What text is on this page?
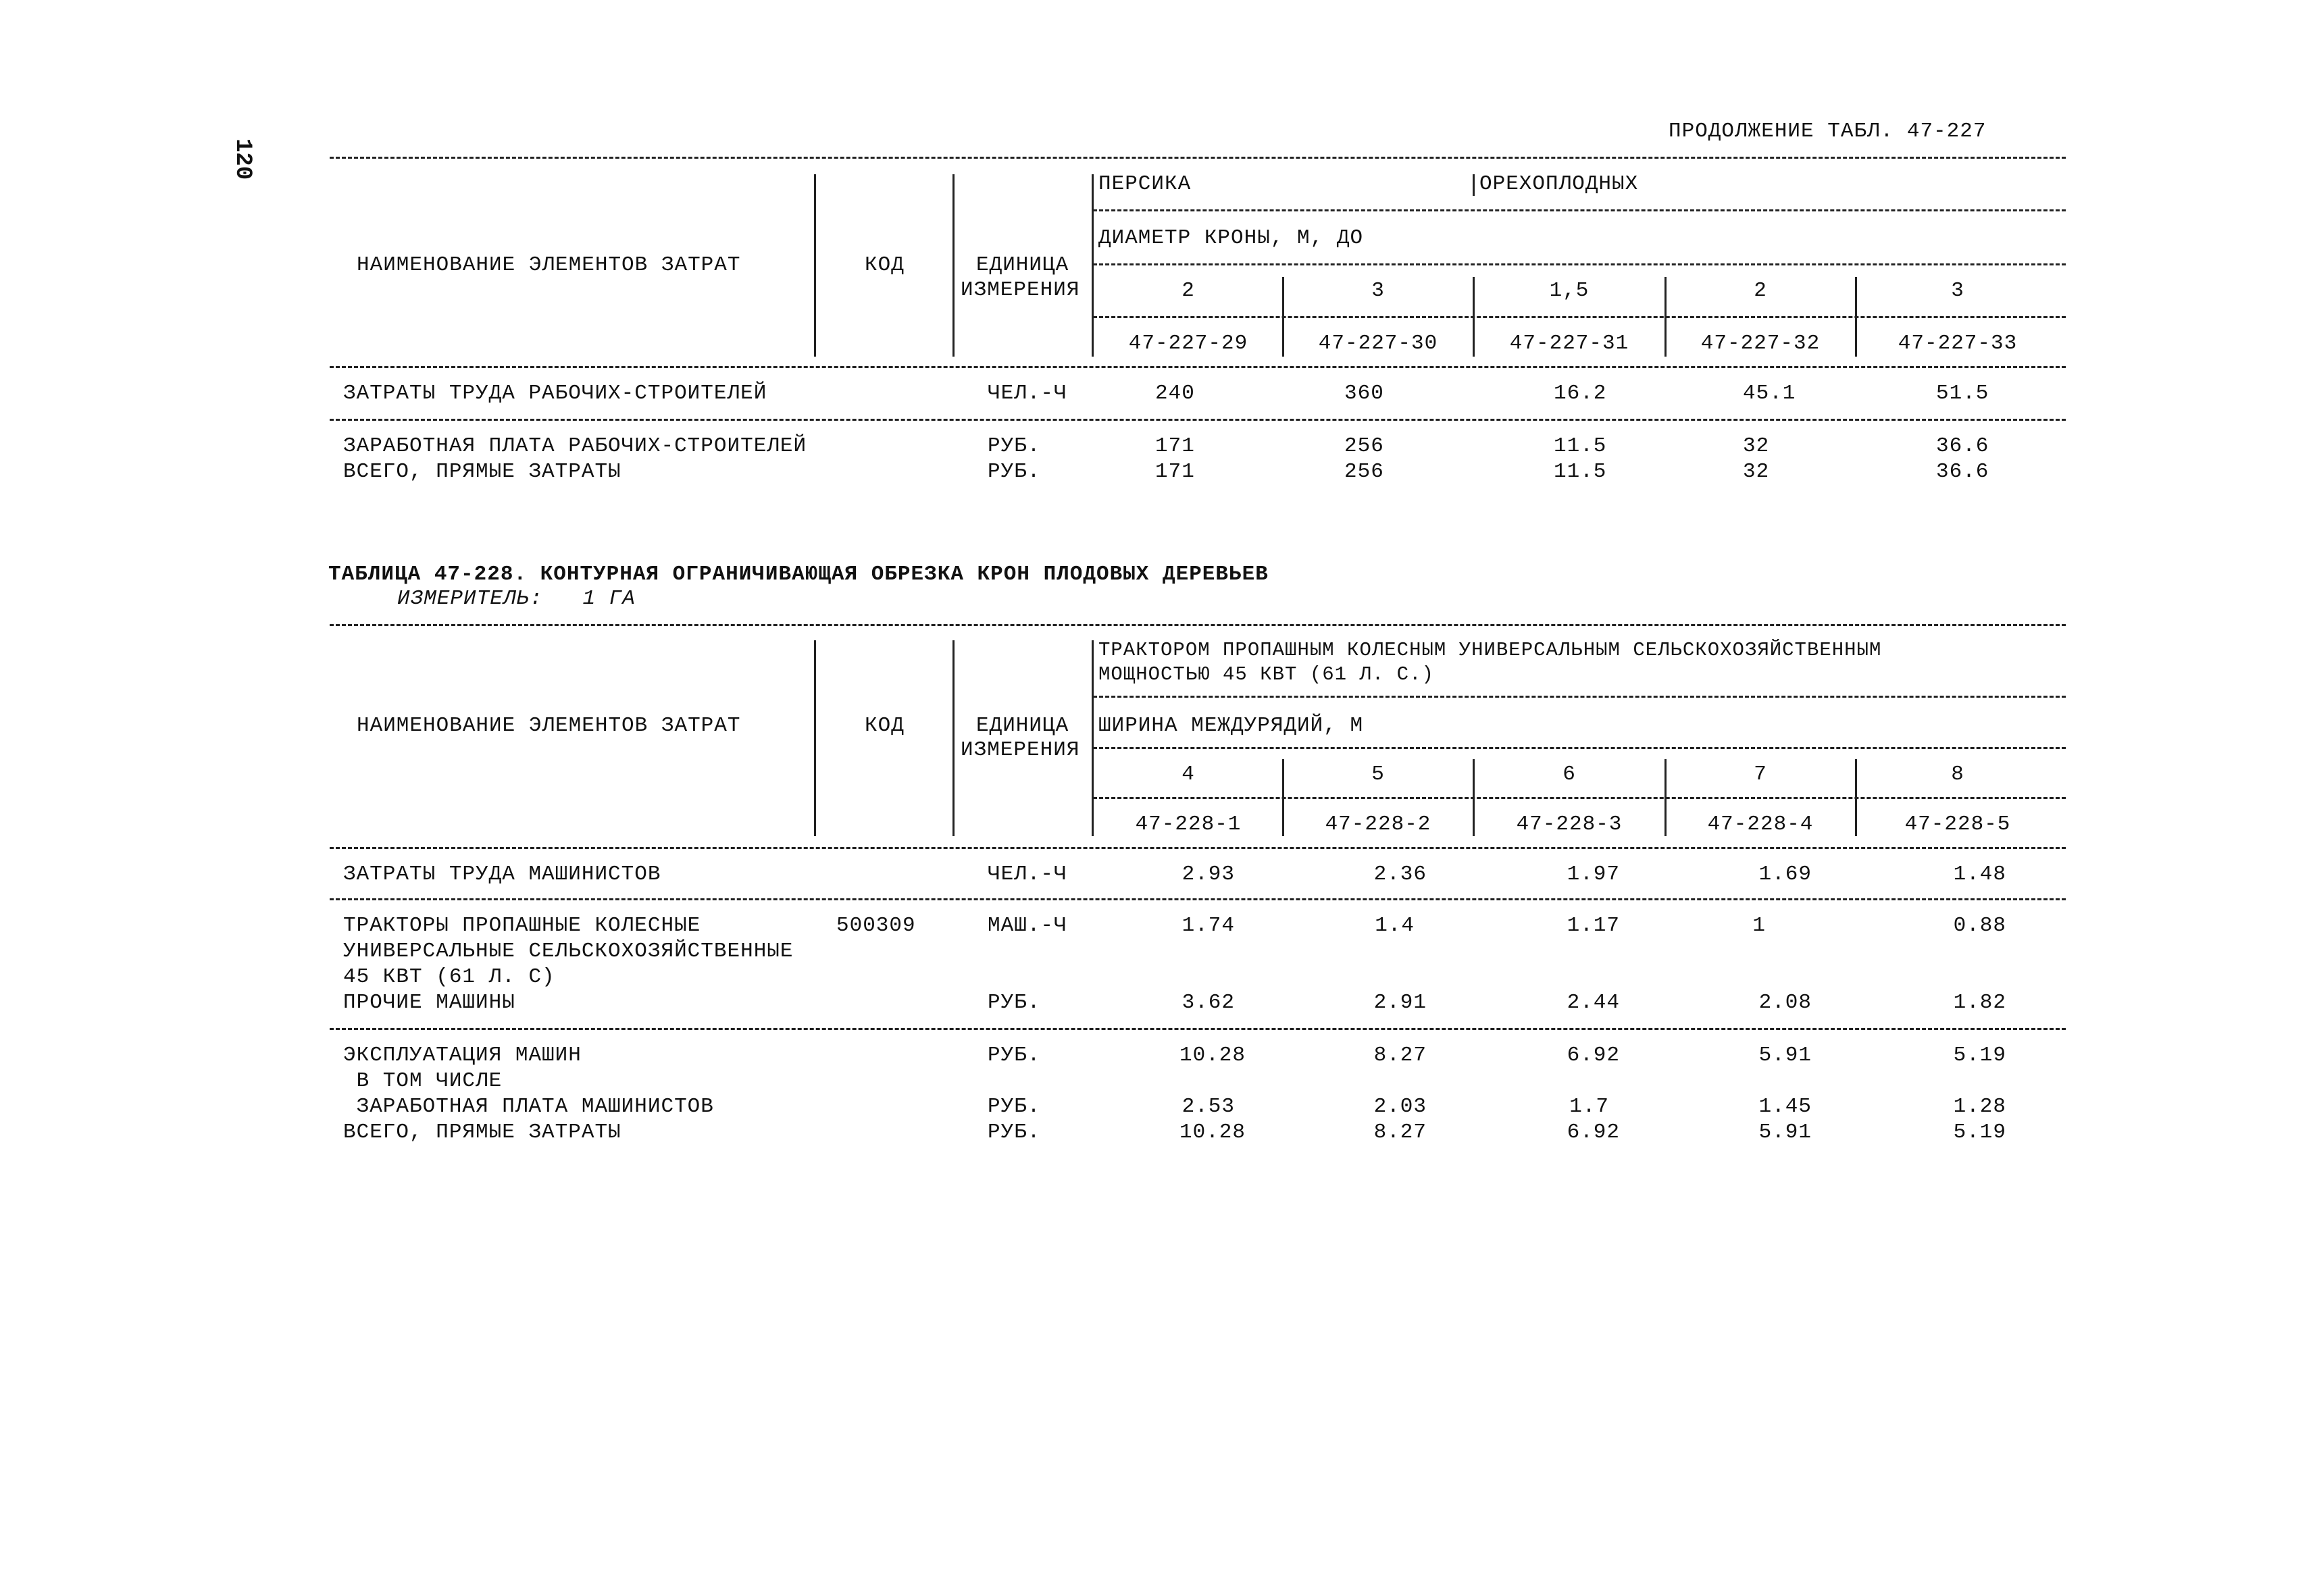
120
ПРОДОЛЖЕНИЕ ТАБЛ. 47-227
НАИМЕНОВАНИЕ ЭЛЕМЕНТОВ ЗАТРАТ	КОД	ЕДИНИЦА
ИЗМЕРЕНИЯ
ПЕРСИКА	ОРЕХОПЛОДНЫХ
ДИАМЕТР КРОНЫ, М, ДО
2	3	1,5	2	3
47-227-29	47-227-30	47-227-31	47-227-32	47-227-33
ЗАТРАТЫ ТРУДА РАБОЧИХ-СТРОИТЕЛЕЙ	ЧЕЛ.-Ч	240	360	16.2	45.1	51.5
ЗАРАБОТНАЯ ПЛАТА РАБОЧИХ-СТРОИТЕЛЕЙ	РУБ.	171	256	11.5	32	36.6
ВСЕГО, ПРЯМЫЕ ЗАТРАТЫ	РУБ.	171	256	11.5	32	36.6
ТАБЛИЦА 47-228. КОНТУРНАЯ ОГРАНИЧИВАЮЩАЯ ОБРЕЗКА КРОН ПЛОДОВЫХ ДЕРЕВЬЕВ
ИЗМЕРИТЕЛЬ:   1 ГА
НАИМЕНОВАНИЕ ЭЛЕМЕНТОВ ЗАТРАТ	КОД	ЕДИНИЦА
ИЗМЕРЕНИЯ
ТРАКТОРОМ ПРОПАШНЫМ КОЛЕСНЫМ УНИВЕРСАЛЬНЫМ СЕЛЬСКОХОЗЯЙСТВЕННЫМ
МОЩНОСТЬЮ 45 КВТ (61 Л. С.)
ШИРИНА МЕЖДУРЯДИЙ, М
4	5	6	7	8
47-228-1	47-228-2	47-228-3	47-228-4	47-228-5
ЗАТРАТЫ ТРУДА МАШИНИСТОВ	ЧЕЛ.-Ч	2.93	2.36	1.97	1.69	1.48
ТРАКТОРЫ ПРОПАШНЫЕ КОЛЕСНЫЕ
УНИВЕРСАЛЬНЫЕ СЕЛЬСКОХОЗЯЙСТВЕННЫЕ
45 КВТ (61 Л. С)
500309	МАШ.-Ч	1.74	1.4	1.17	1	0.88
ПРОЧИЕ МАШИНЫ	РУБ.	3.62	2.91	2.44	2.08	1.82
ЭКСПЛУАТАЦИЯ МАШИН	РУБ.	10.28	8.27	6.92	5.91	5.19
В ТОМ ЧИСЛЕ
ЗАРАБОТНАЯ ПЛАТА МАШИНИСТОВ	РУБ.	2.53	2.03	1.7	1.45	1.28
ВСЕГО, ПРЯМЫЕ ЗАТРАТЫ	РУБ.	10.28	8.27	6.92	5.91	5.19
